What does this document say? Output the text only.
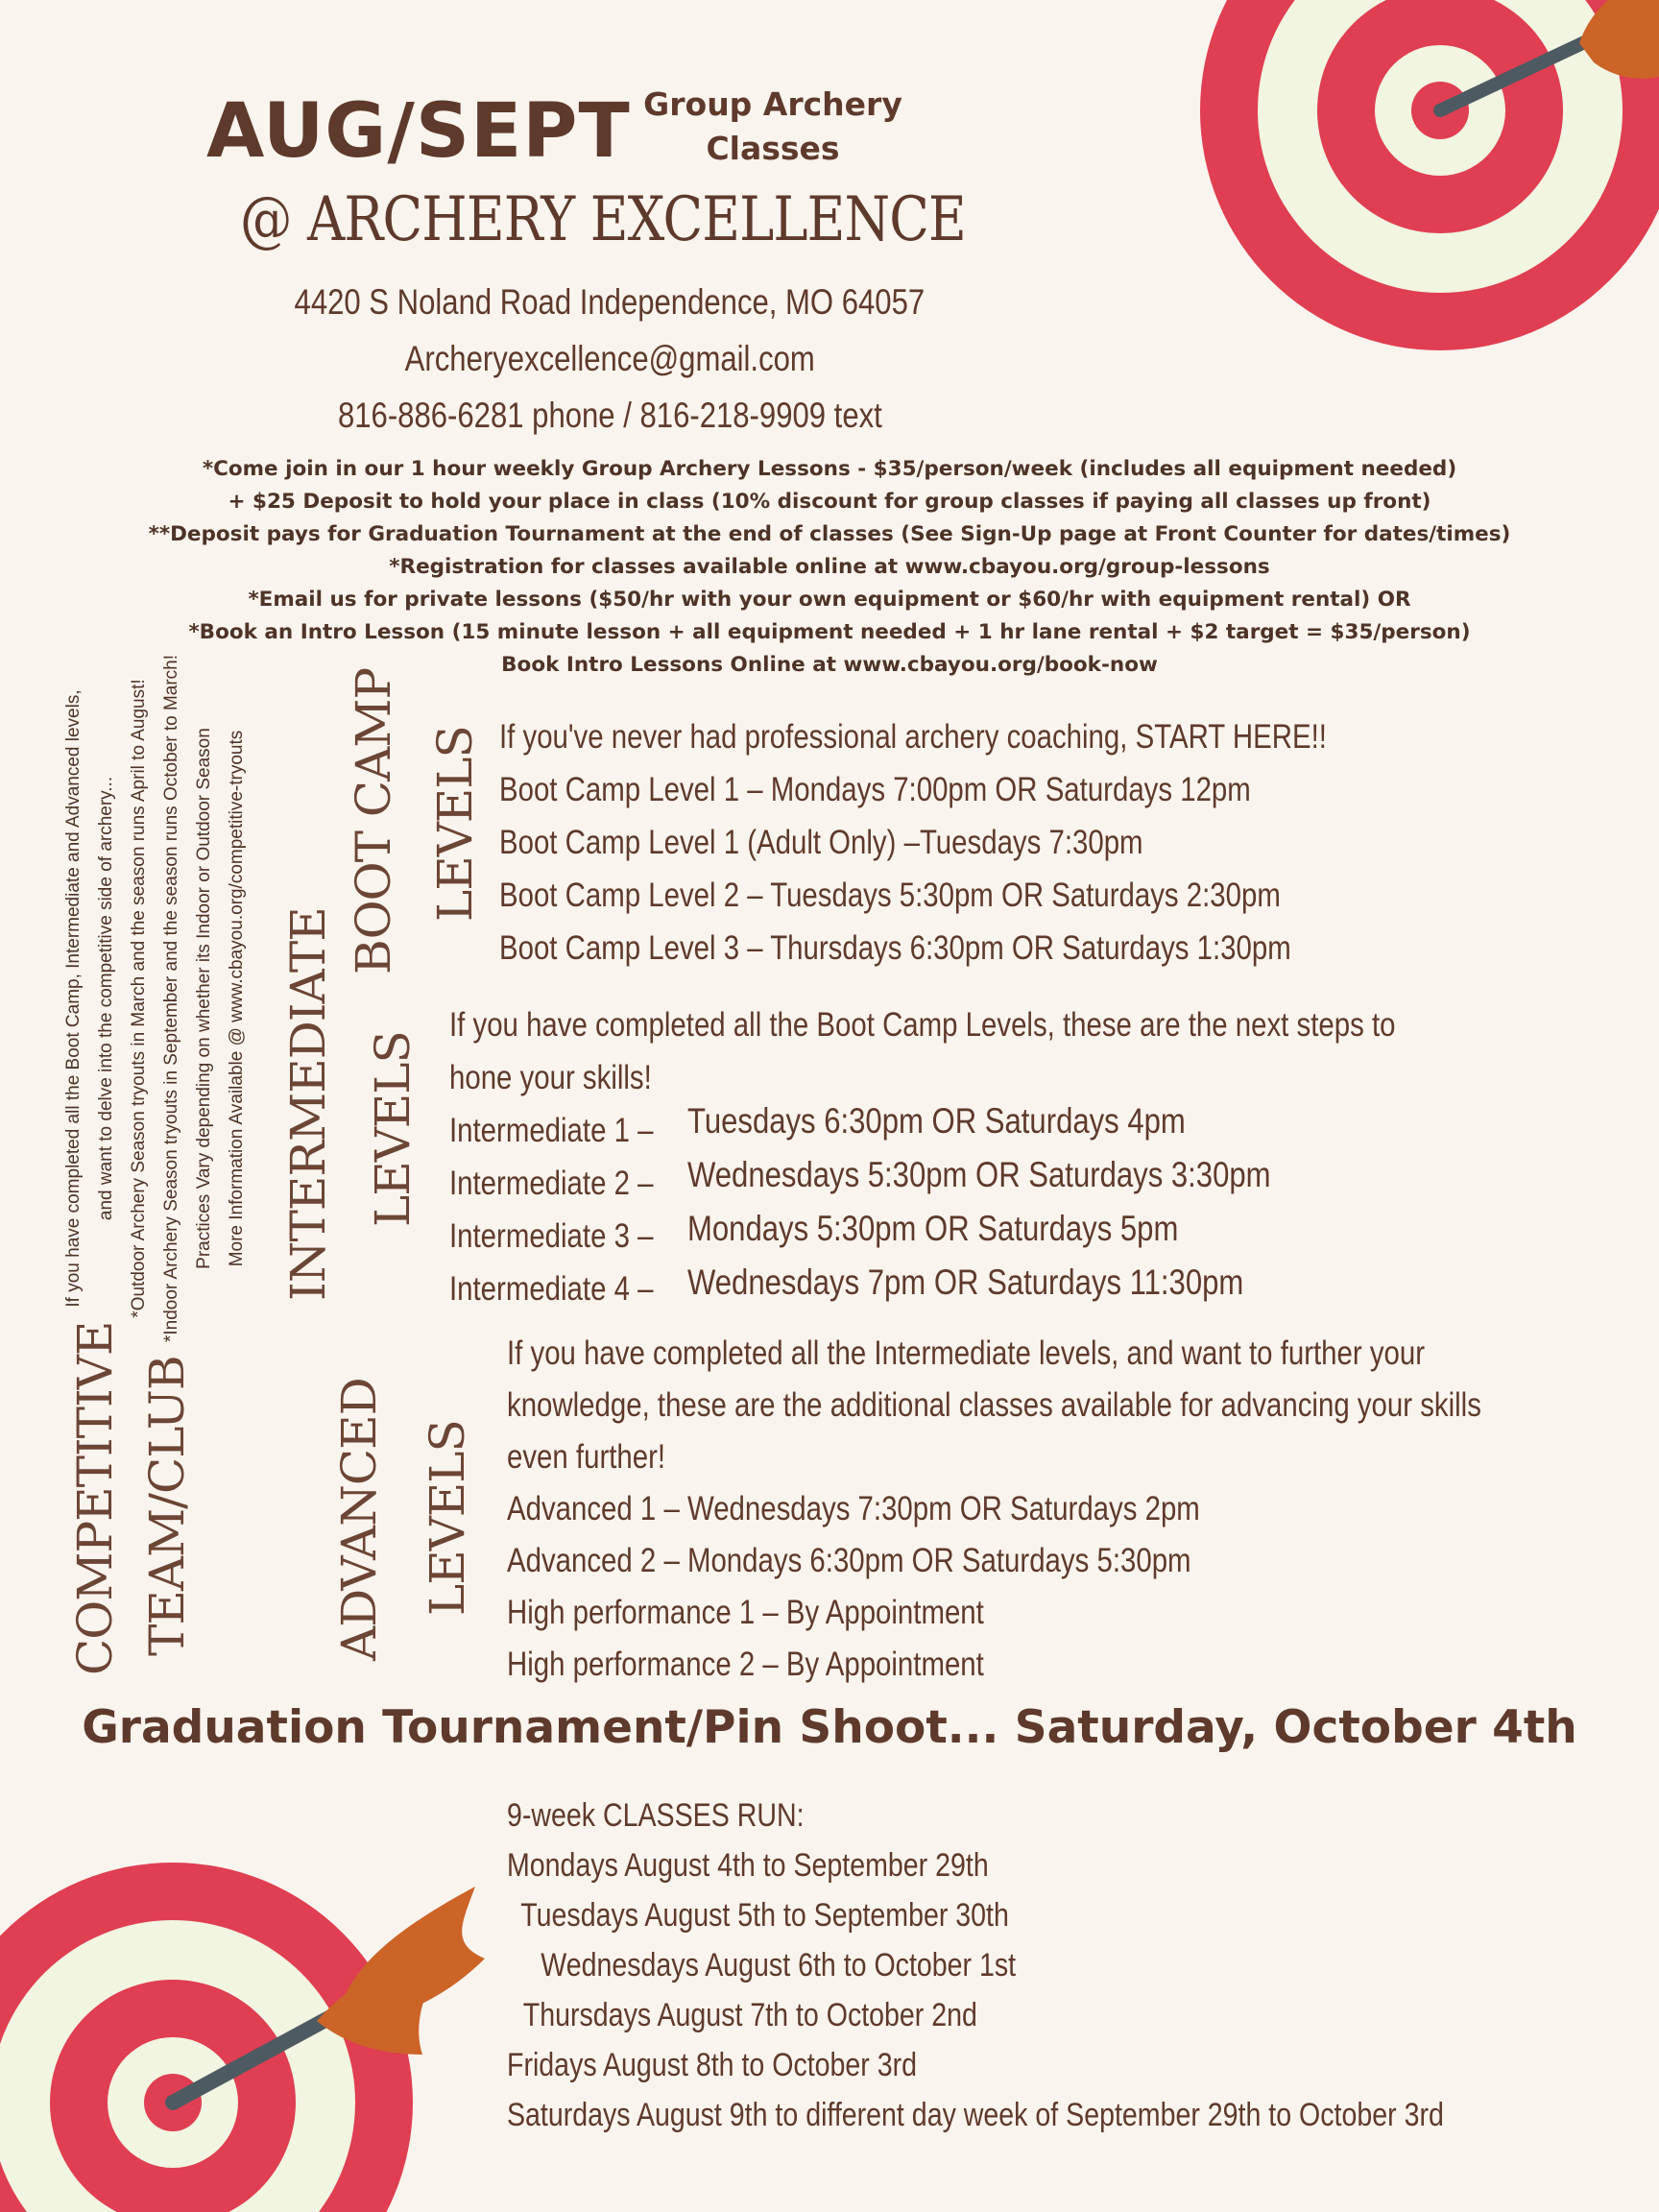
AUG/SEPT Group Archery
Classes
@ ARCHERY EXCELLENCE
4420 S Noland Road Independence, MO 64057
Archeryexcellence@gmail.com
816-886-6281 phone / 816-218-9909 text
*Come join in our 1 hour weekly Group Archery Lessons - $35/person/week (includes all equipment needed)
+ $25 Deposit to hold your place in class (10% discount for group classes if paying all classes up front)
**Deposit pays for Graduation Tournament at the end of classes (See Sign-Up page at Front Counter for dates/times)
*Registration for classes available online at www.cbayou.org/group-lessons
*Email us for private lessons ($50/hr with your own equipment or $60/hr with equipment rental) OR
*Book an Intro Lesson (15 minute lesson + all equipment needed + 1 hr lane rental + $2 target = $35/person)
Book Intro Lessons Online at www.cbayou.org/book-now
If you have completed all the Boot Camp, Intermediate and Advanced levels, and want to delve into the competitive side of archery... *Outdoor Archery Season tryouts in March and the season runs April to August! *Indoor Archery Season tryouts in September and the season runs October to March! Practices Vary depending on whether its Indoor or Outdoor Season More Information Available @ www.cbayou.org/competitive-tryouts
COMPETITIVE TEAM/CLUB
BOOT CAMP LEVELS
INTERMEDIATE LEVELS
ADVANCED LEVELS
If you've never had professional archery coaching, START HERE!!
Boot Camp Level 1 – Mondays 7:00pm OR Saturdays 12pm
Boot Camp Level 1 (Adult Only) –Tuesdays 7:30pm
Boot Camp Level 2 – Tuesdays 5:30pm OR Saturdays 2:30pm
Boot Camp Level 3 – Thursdays 6:30pm OR Saturdays 1:30pm
If you have completed all the Boot Camp Levels, these are the next steps to
hone your skills!
Intermediate 1 –
Intermediate 2 –
Intermediate 3 –
Intermediate 4 –
Tuesdays 6:30pm OR Saturdays 4pm
Wednesdays 5:30pm OR Saturdays 3:30pm
Mondays 5:30pm OR Saturdays 5pm
Wednesdays 7pm OR Saturdays 11:30pm
If you have completed all the Intermediate levels, and want to further your
knowledge, these are the additional classes available for advancing your skills
even further!
Advanced 1 – Wednesdays 7:30pm OR Saturdays 2pm
Advanced 2 – Mondays 6:30pm OR Saturdays 5:30pm
High performance 1 – By Appointment
High performance 2 – By Appointment
Graduation Tournament/Pin Shoot... Saturday, October 4th
9-week CLASSES RUN:
Mondays August 4th to September 29th
Tuesdays August 5th to September 30th
Wednesdays August 6th to October 1st
Thursdays August 7th to October 2nd
Fridays August 8th to October 3rd
Saturdays August 9th to different day week of September 29th to October 3rd
